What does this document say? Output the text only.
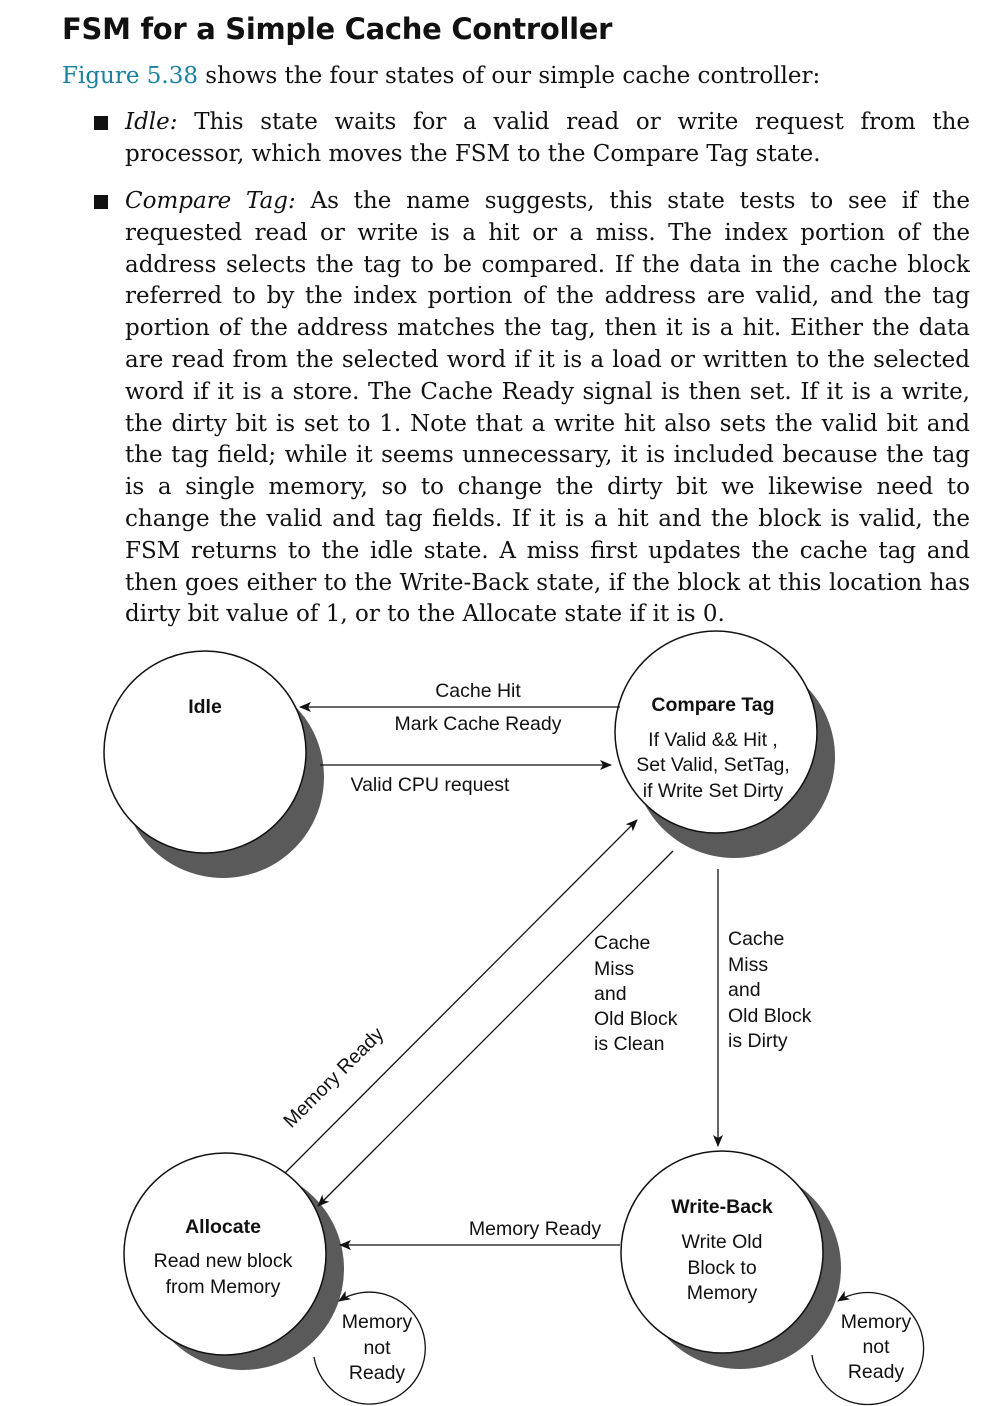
FSM for a Simple Cache Controller
Figure 5.38 shows the four states of our simple cache controller:
Idle: This state waits for a valid read or write request from the processor, which moves the FSM to the Compare Tag state.
Compare Tag: As the name suggests, this state tests to see if the requested read or write is a hit or a miss. The index portion of the address selects the tag to be compared. If the data in the cache block referred to by the index portion of the address are valid, and the tag portion of the address matches the tag, then it is a hit. Either the data are read from the selected word if it is a load or written to the selected word if it is a store. The Cache Ready signal is then set. If it is a write, the dirty bit is set to 1. Note that a write hit also sets the valid bit and the tag field; while it seems unnecessary, it is included because the tag is a single memory, so to change the dirty bit we likewise need to change the valid and tag fields. If it is a hit and the block is valid, the FSM returns to the idle state. A miss first updates the cache tag and then goes either to the Write-Back state, if the block at this location has dirty bit value of 1, or to the Allocate state if it is 0.
Idle	Compare Tag
If Valid && Hit ,
Set Valid, SetTag,
if Write Set Dirty
Allocate
Read new block
from Memory
Write-Back
Write Old
Block to
Memory
Cache Hit
Mark Cache Ready
Valid CPU request
Cache
Miss
and
Old Block
is Clean
Cache
Miss
and
Old Block
is Dirty
Memory Ready
Memory Ready
Memory
not
Ready
Memory
not
Ready
